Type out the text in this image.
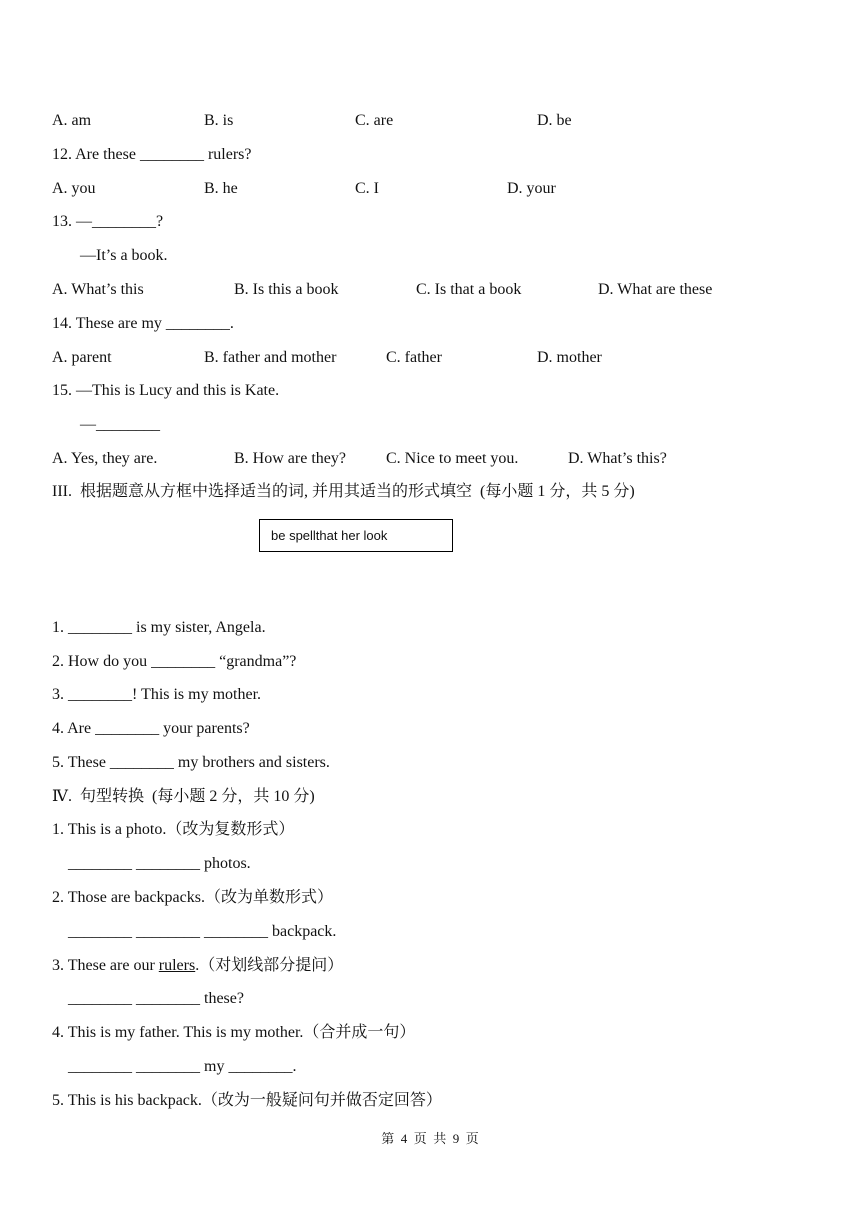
A. am	B. is	C. are	D. be
12. Are these ________ rulers?
A. you	B. he	C. I	D. your
13. —________?
—It’s a book.
A. What’s this	B. Is this a book	C. Is that a book	D. What are these
14. These are my ________.
A. parent	B. father and mother	C. father	D. mother
15. —This is Lucy and this is Kate.
—________
A. Yes, they are.	B. How are they?	C. Nice to meet you.	D. What’s this?
III.  根据题意从方框中选择适当的词, 并用其适当的形式填空  (每小题 1 分，共 5 分)
be spellthat her look
1. ________ is my sister, Angela.
2. How do you ________ “grandma”?
3. ________! This is my mother.
4. Are ________ your parents?
5. These ________ my brothers and sisters.
Ⅳ.  句型转换  (每小题 2 分，共 10 分)
1. This is a photo.（改为复数形式）
________ ________ photos.
2. Those are backpacks.（改为单数形式）
________ ________ ________ backpack.
3. These are our rulers.（对划线部分提问）
________ ________ these?
4. This is my father. This is my mother.（合并成一句）
________ ________ my ________.
5. This is his backpack.（改为一般疑问句并做否定回答）
第  4  页  共  9  页
